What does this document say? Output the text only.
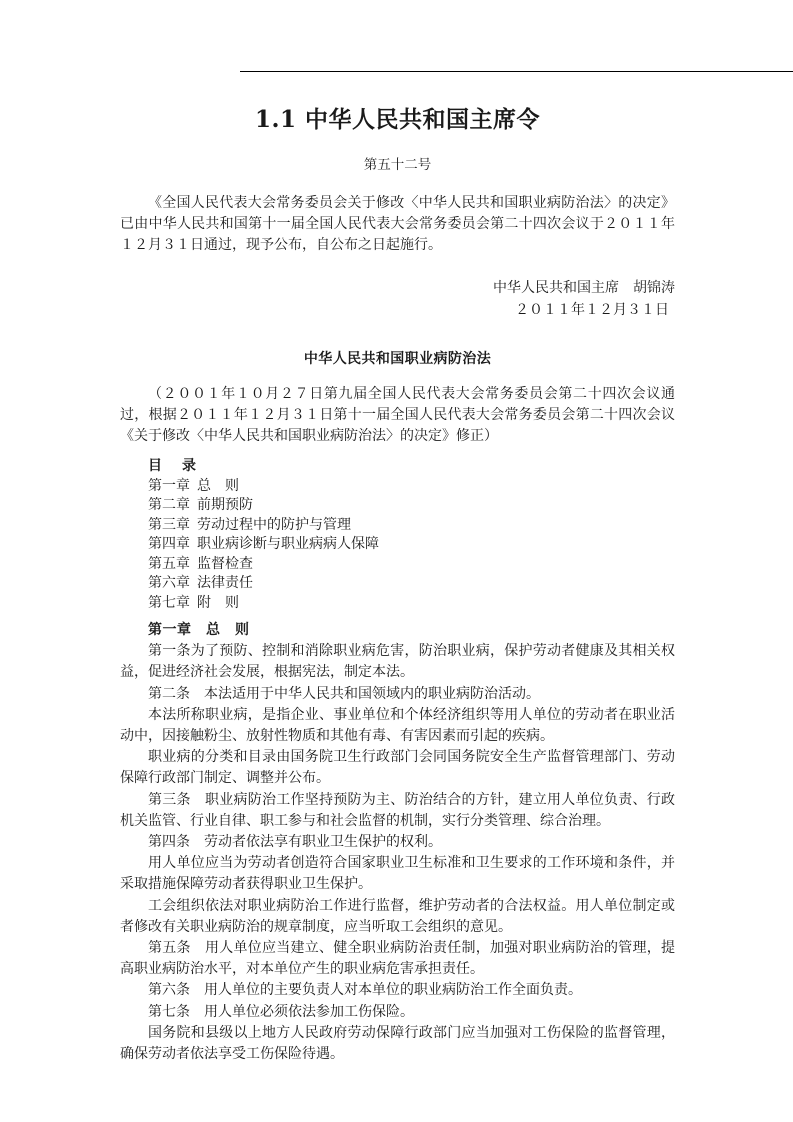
1.1 中华人民共和国主席令

第五十二号

《全国人民代表大会常务委员会关于修改〈中华人民共和国职业病防治法〉的决定》已由中华人民共和国第十一届全国人民代表大会常务委员会第二十四次会议于２０１１年１２月３１日通过，现予公布，自公布之日起施行。

中华人民共和国主席　胡锦涛
２０１１年１２月３１日
中华人民共和国职业病防治法

（２００１年１０月２７日第九届全国人民代表大会常务委员会第二十四次会议通过，根据２０１１年１２月３１日第十一届全国人民代表大会常务委员会第二十四次会议《关于修改〈中华人民共和国职业病防治法〉的决定》修正）

目　录

第一章 总　则

第二章 前期预防

第三章 劳动过程中的防护与管理

第四章 职业病诊断与职业病病人保障

第五章 监督检查

第六章 法律责任

第七章 附　则

第一章　总　则

第一条为了预防、控制和消除职业病危害，防治职业病，保护劳动者健康及其相关权益，促进经济社会发展，根据宪法，制定本法。

第二条　本法适用于中华人民共和国领域内的职业病防治活动。

本法所称职业病，是指企业、事业单位和个体经济组织等用人单位的劳动者在职业活动中，因接触粉尘、放射性物质和其他有毒、有害因素而引起的疾病。

职业病的分类和目录由国务院卫生行政部门会同国务院安全生产监督管理部门、劳动保障行政部门制定、调整并公布。

第三条　职业病防治工作坚持预防为主、防治结合的方针，建立用人单位负责、行政机关监管、行业自律、职工参与和社会监督的机制，实行分类管理、综合治理。

第四条　劳动者依法享有职业卫生保护的权利。

用人单位应当为劳动者创造符合国家职业卫生标准和卫生要求的工作环境和条件，并采取措施保障劳动者获得职业卫生保护。

工会组织依法对职业病防治工作进行监督，维护劳动者的合法权益。用人单位制定或者修改有关职业病防治的规章制度，应当听取工会组织的意见。

第五条　用人单位应当建立、健全职业病防治责任制，加强对职业病防治的管理，提高职业病防治水平，对本单位产生的职业病危害承担责任。

第六条　用人单位的主要负责人对本单位的职业病防治工作全面负责。

第七条　用人单位必须依法参加工伤保险。

国务院和县级以上地方人民政府劳动保障行政部门应当加强对工伤保险的监督管理，确保劳动者依法享受工伤保险待遇。
